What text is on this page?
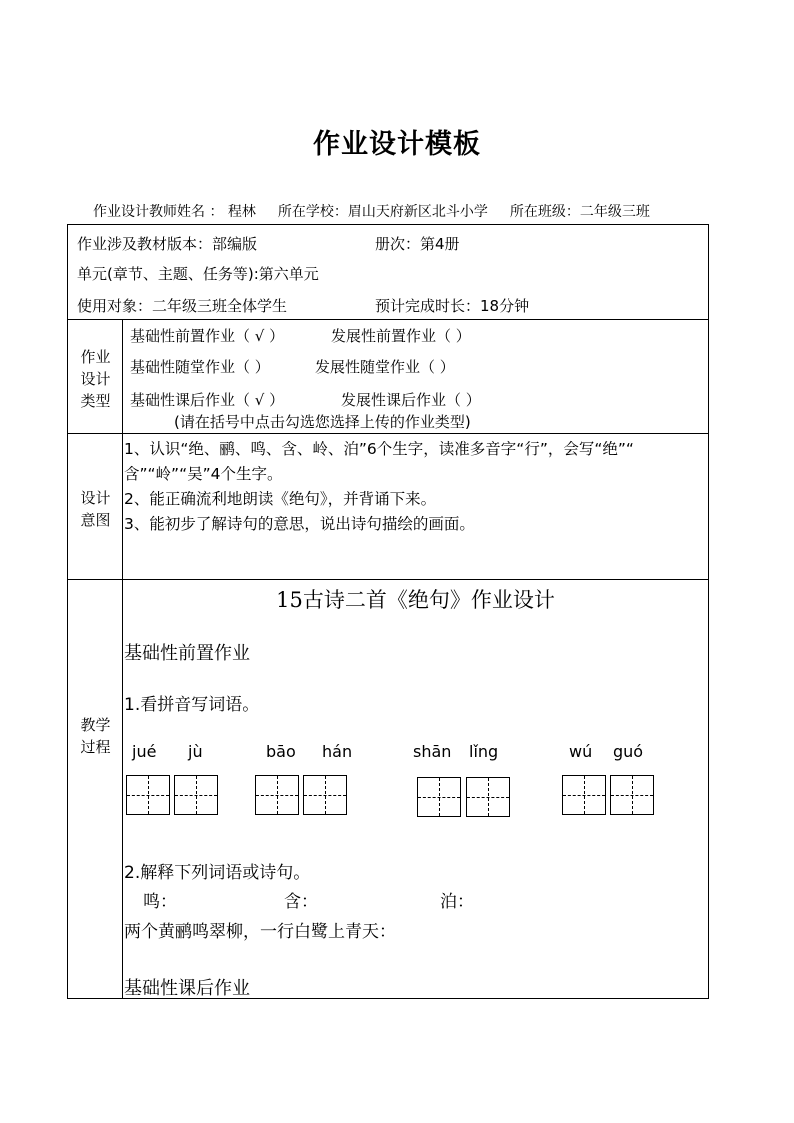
作业设计模板
作业设计教师姓名 ： 程林 所在学校：眉山天府新区北斗小学 所在班级：二年级三班
作业涉及教材版本：部编版	册次：第4册
单元(章节、主题、任务等):第六单元
使用对象：二年级三班全体学生	预计完成时长：18分钟
作业
设计
类型
基础性前置作业（ √ ）	发展性前置作业（ ）
基础性随堂作业（ ）	发展性随堂作业（ ）
基础性课后作业（ √ ）	发展性课后作业（ ）
(请在括号中点击勾选您选择上传的作业类型)
设计
意图
1、认识“绝、鹂、鸣、含、岭、泊”6个生字，读准多音字“行”，会写“绝”“
含”“岭”“吴”4个生字。
2、能正确流利地朗读《绝句》，并背诵下来。
3、能初步了解诗句的意思，说出诗句描绘的画面。
教学
过程
15古诗二首《绝句》作业设计
基础性前置作业
1.看拼音写词语。
jué jù	bāo hán	shān lǐng	wú guó
2.解释下列词语或诗句。
鸣：	含：	泊：
两个黄鹂鸣翠柳，一行白鹭上青天：
基础性课后作业
